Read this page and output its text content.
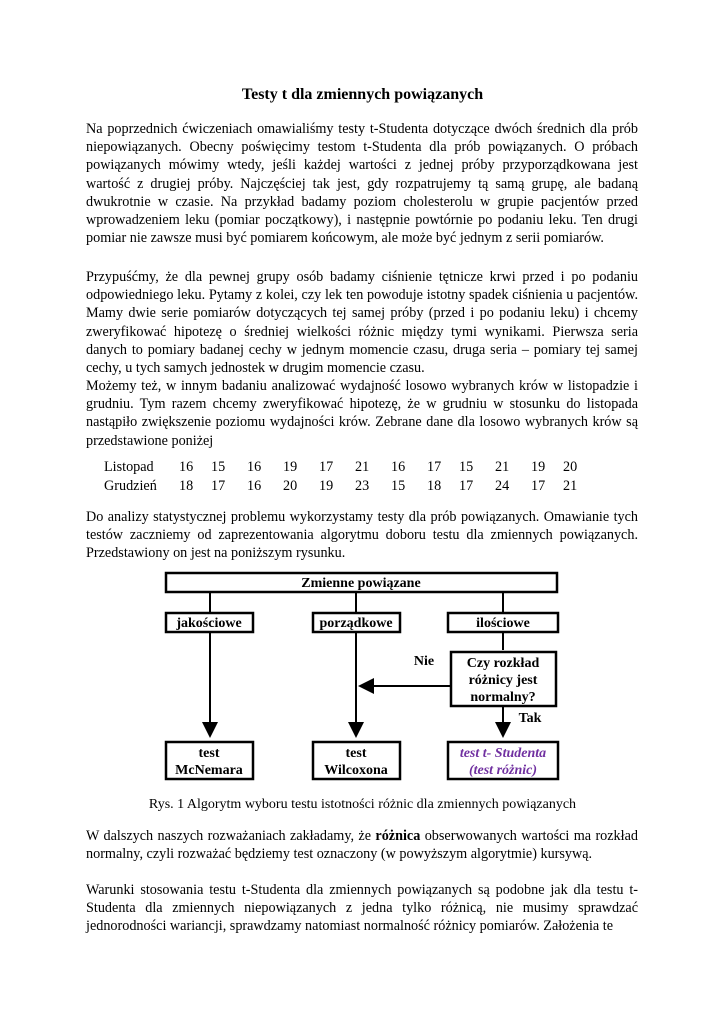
Testy t dla zmiennych powiązanych

Na poprzednich ćwiczeniach omawialiśmy testy t-Studenta dotyczące dwóch średnich dla prób niepowiązanych. Obecny poświęcimy testom t-Studenta dla prób powiązanych. O próbach powiązanych mówimy wtedy, jeśli każdej wartości z jednej próby przyporządkowana jest wartość z drugiej próby. Najczęściej tak jest, gdy rozpatrujemy tą samą grupę, ale badaną dwukrotnie w czasie. Na przykład badamy poziom cholesterolu w grupie pacjentów przed wprowadzeniem leku (pomiar początkowy), i następnie powtórnie po podaniu leku. Ten drugi pomiar nie zawsze musi być pomiarem końcowym, ale może być jednym z serii pomiarów.

Przypuśćmy, że dla pewnej grupy osób badamy ciśnienie tętnicze krwi przed i po podaniu odpowiedniego leku. Pytamy z kolei, czy lek ten powoduje istotny spadek ciśnienia u pacjentów. Mamy dwie serie pomiarów dotyczących tej samej próby (przed i po podaniu leku) i chcemy zweryfikować hipotezę o średniej wielkości różnic między tymi wynikami. Pierwsza seria danych to pomiary badanej cechy w jednym momencie czasu, druga seria – pomiary tej samej cechy, u tych samych jednostek w drugim momencie czasu.

Możemy też, w innym badaniu analizować wydajność losowo wybranych krów w listopadzie i grudniu. Tym razem chcemy zweryfikować hipotezę, że w grudniu w stosunku do listopada nastąpiło zwiększenie poziomu wydajności krów. Zebrane dane dla losowo wybranych krów są przedstawione poniżej

Listopad	16	15	16	19	17	21	16	17	15	21	19	20
Grudzień	18	17	16	20	19	23	15	18	17	24	17	21

Do analizy statystycznej problemu wykorzystamy testy dla prób powiązanych. Omawianie tych testów zaczniemy od zaprezentowania algorytmu doboru testu dla zmiennych powiązanych. Przedstawiony on jest na poniższym rysunku.

Zmienne powiązane
jakościowe	porządkowe	ilościowe
Czy rozkład
różnicy jest
normalny?
Nie
Tak
test
McNemara
test
Wilcoxona
test t- Studenta
(test różnic)
Rys. 1 Algorytm wyboru testu istotności różnic dla zmiennych powiązanych

W dalszych naszych rozważaniach zakładamy, że różnica obserwowanych wartości ma rozkład normalny, czyli rozważać będziemy test oznaczony (w powyższym algorytmie) kursywą.

Warunki stosowania testu t-Studenta dla zmiennych powiązanych są podobne jak dla testu t-Studenta dla zmiennych niepowiązanych z jedna tylko różnicą, nie musimy sprawdzać jednorodności wariancji, sprawdzamy natomiast normalność różnicy pomiarów. Założenia te
